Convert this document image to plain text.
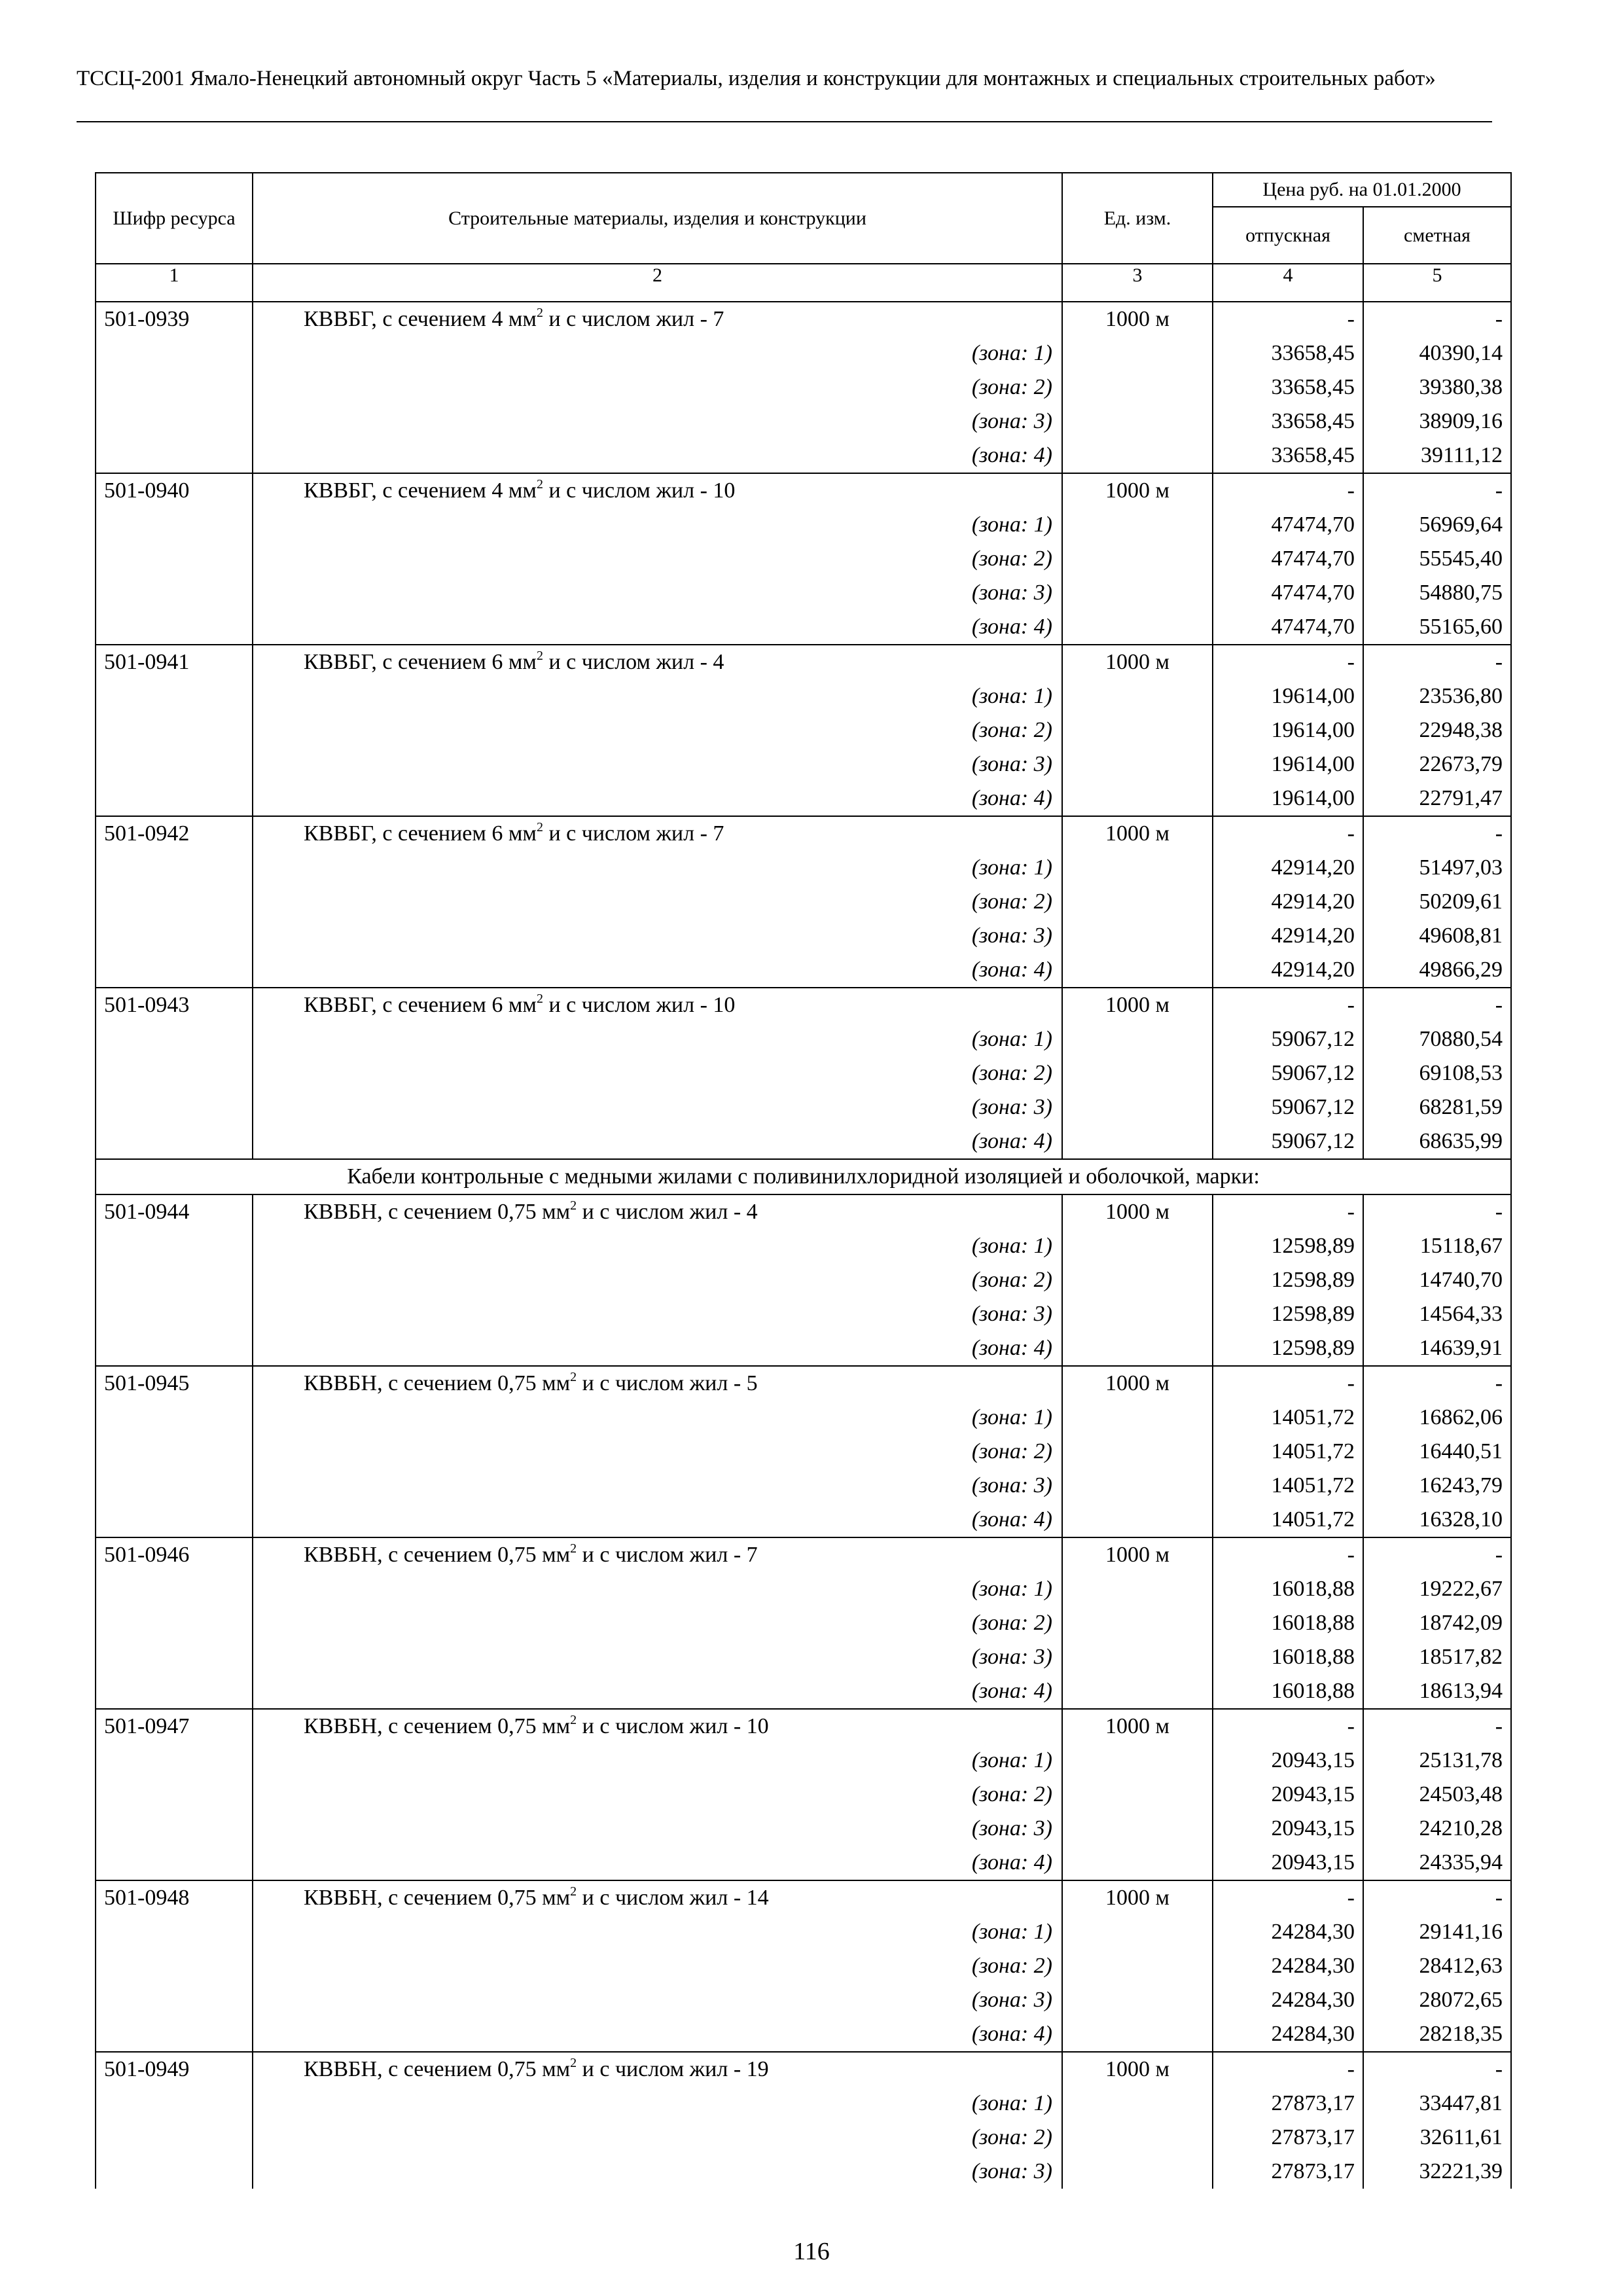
ТССЦ-2001 Ямало-Ненецкий автономный округ Часть 5 «Материалы, изделия и конструкции для монтажных и специальных строительных работ»
Шифр ресурса	Строительные материалы, изделия и конструкции	Ед. изм.	Цена руб. на 01.01.2000	
			отпускная	сметная
1	2	3	4	5
501-0939	КВВБГ, с сечением 4 $мм^2$ и с числом жил - 7	1000 м	-	-
	(зона: 1)		33658,45	40390,14
	(зона: 2)		33658,45	39380,38
	(зона: 3)		33658,45	38909,16
	(зона: 4)		33658,45	39111,12
501-0940	КВВБГ, с сечением 4 $мм^2$ и с числом жил - 10	1000 м	-	-
	(зона: 1)		47474,70	56969,64
	(зона: 2)		47474,70	55545,40
	(зона: 3)		47474,70	54880,75
	(зона: 4)		47474,70	55165,60
501-0941	КВВБГ, с сечением 6 $мм^2$ и с числом жил - 4	1000 м	-	-
	(зона: 1)		19614,00	23536,80
	(зона: 2)		19614,00	22948,38
	(зона: 3)		19614,00	22673,79
	(зона: 4)		19614,00	22791,47
501-0942	КВВБГ, с сечением 6 $мм^2$ и с числом жил - 7	1000 м	-	-
	(зона: 1)		42914,20	51497,03
	(зона: 2)		42914,20	50209,61
	(зона: 3)		42914,20	49608,81
	(зона: 4)		42914,20	49866,29
501-0943	КВВБГ, с сечением 6 $мм^2$ и с числом жил - 10	1000 м	-	-
	(зона: 1)		59067,12	70880,54
	(зона: 2)		59067,12	69108,53
	(зона: 3)		59067,12	68281,59
	(зона: 4)		59067,12	68635,99
Кабели контрольные с медными жилами с поливинилхлоридной изоляцией и оболочкой, марки:				
501-0944	КВВБН, с сечением 0,75 $мм^2$ и с числом жил - 4	1000 м	-	-
	(зона: 1)		12598,89	15118,67
	(зона: 2)		12598,89	14740,70
	(зона: 3)		12598,89	14564,33
	(зона: 4)		12598,89	14639,91
501-0945	КВВБН, с сечением 0,75 $мм^2$ и с числом жил - 5	1000 м	-	-
	(зона: 1)		14051,72	16862,06
	(зона: 2)		14051,72	16440,51
	(зона: 3)		14051,72	16243,79
	(зона: 4)		14051,72	16328,10
501-0946	КВВБН, с сечением 0,75 $мм^2$ и с числом жил - 7	1000 м	-	-
	(зона: 1)		16018,88	19222,67
	(зона: 2)		16018,88	18742,09
	(зона: 3)		16018,88	18517,82
	(зона: 4)		16018,88	18613,94
501-0947	КВВБН, с сечением 0,75 $мм^2$ и с числом жил - 10	1000 м	-	-
	(зона: 1)		20943,15	25131,78
	(зона: 2)		20943,15	24503,48
	(зона: 3)		20943,15	24210,28
	(зона: 4)		20943,15	24335,94
501-0948	КВВБН, с сечением 0,75 $мм^2$ и с числом жил - 14	1000 м	-	-
	(зона: 1)		24284,30	29141,16
	(зона: 2)		24284,30	28412,63
	(зона: 3)		24284,30	28072,65
	(зона: 4)		24284,30	28218,35
501-0949	КВВБН, с сечением 0,75 $мм^2$ и с числом жил - 19	1000 м	-	-
	(зона: 1)		27873,17	33447,81
	(зона: 2)		27873,17	32611,61
	(зона: 3)		27873,17	32221,39
116
